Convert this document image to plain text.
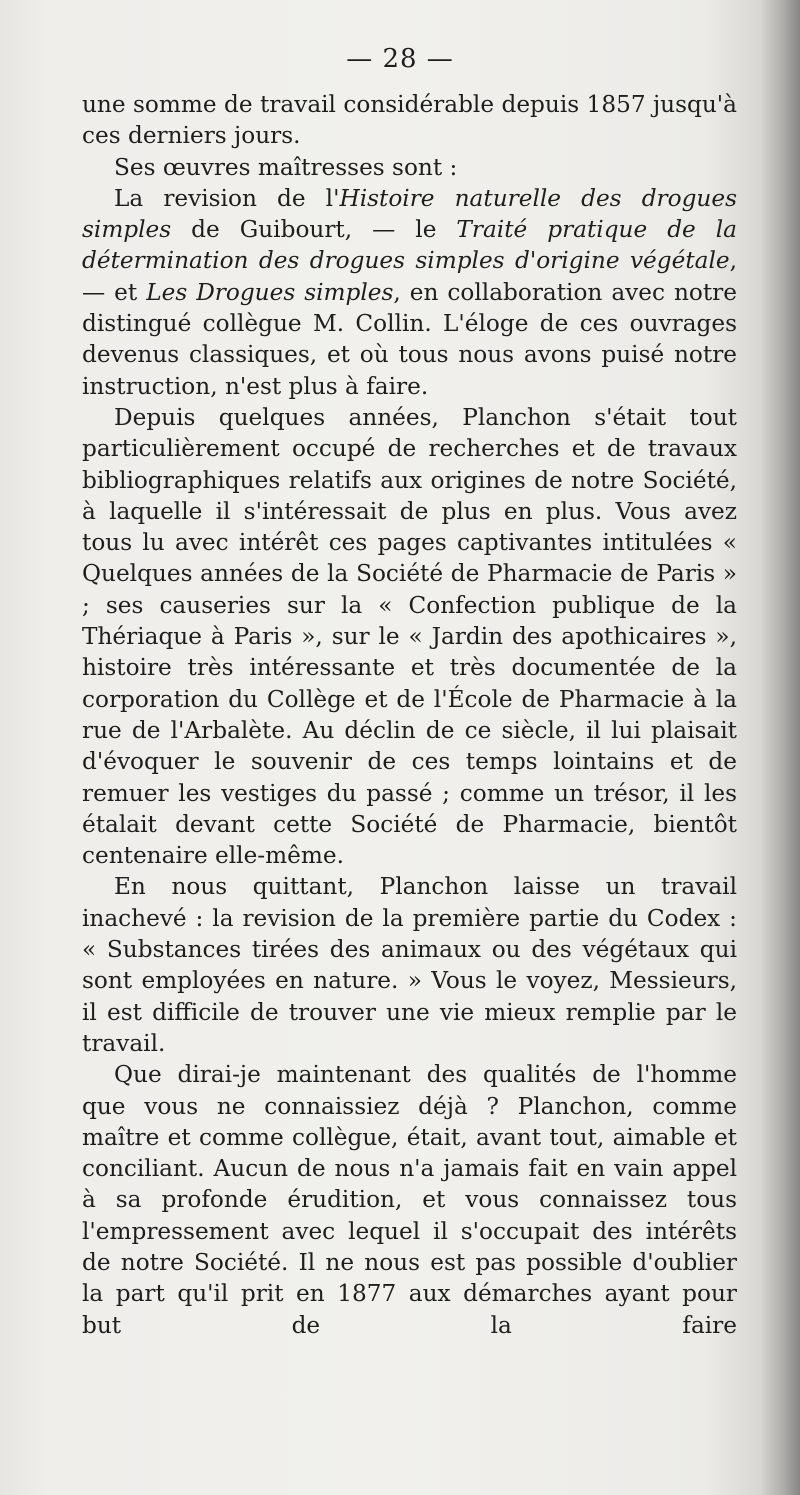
— 28 —

une somme de travail considérable depuis 1857 jusqu'à ces derniers jours.

Ses œuvres maîtresses sont :

La revision de l'Histoire naturelle des drogues simples de Guibourt, — le Traité pratique de la détermination des drogues simples d'origine végétale, — et Les Drogues simples, en collaboration avec notre distingué collègue M. Collin. L'éloge de ces ouvrages devenus classiques, et où tous nous avons puisé notre instruction, n'est plus à faire.

Depuis quelques années, Planchon s'était tout particulièrement occupé de recherches et de travaux bibliographiques relatifs aux origines de notre Société, à laquelle il s'intéressait de plus en plus. Vous avez tous lu avec intérêt ces pages captivantes intitulées « Quelques années de la Société de Pharmacie de Paris » ; ses causeries sur la « Confection publique de la Thériaque à Paris », sur le « Jardin des apothicaires », histoire très intéressante et très documentée de la corporation du Collège et de l'École de Pharmacie à la rue de l'Arbalète. Au déclin de ce siècle, il lui plaisait d'évoquer le souvenir de ces temps lointains et de remuer les vestiges du passé ; comme un trésor, il les étalait devant cette Société de Pharmacie, bientôt centenaire elle-même.

En nous quittant, Planchon laisse un travail inachevé : la revision de la première partie du Codex : « Substances tirées des animaux ou des végétaux qui sont employées en nature. » Vous le voyez, Messieurs, il est difficile de trouver une vie mieux remplie par le travail.

Que dirai-je maintenant des qualités de l'homme que vous ne connaissiez déjà ? Planchon, comme maître et comme collègue, était, avant tout, aimable et conciliant. Aucun de nous n'a jamais fait en vain appel à sa profonde érudition, et vous connaissez tous l'empressement avec lequel il s'occupait des intérêts de notre Société. Il ne nous est pas possible d'oublier la part qu'il prit en 1877 aux démarches ayant pour but de la faire
